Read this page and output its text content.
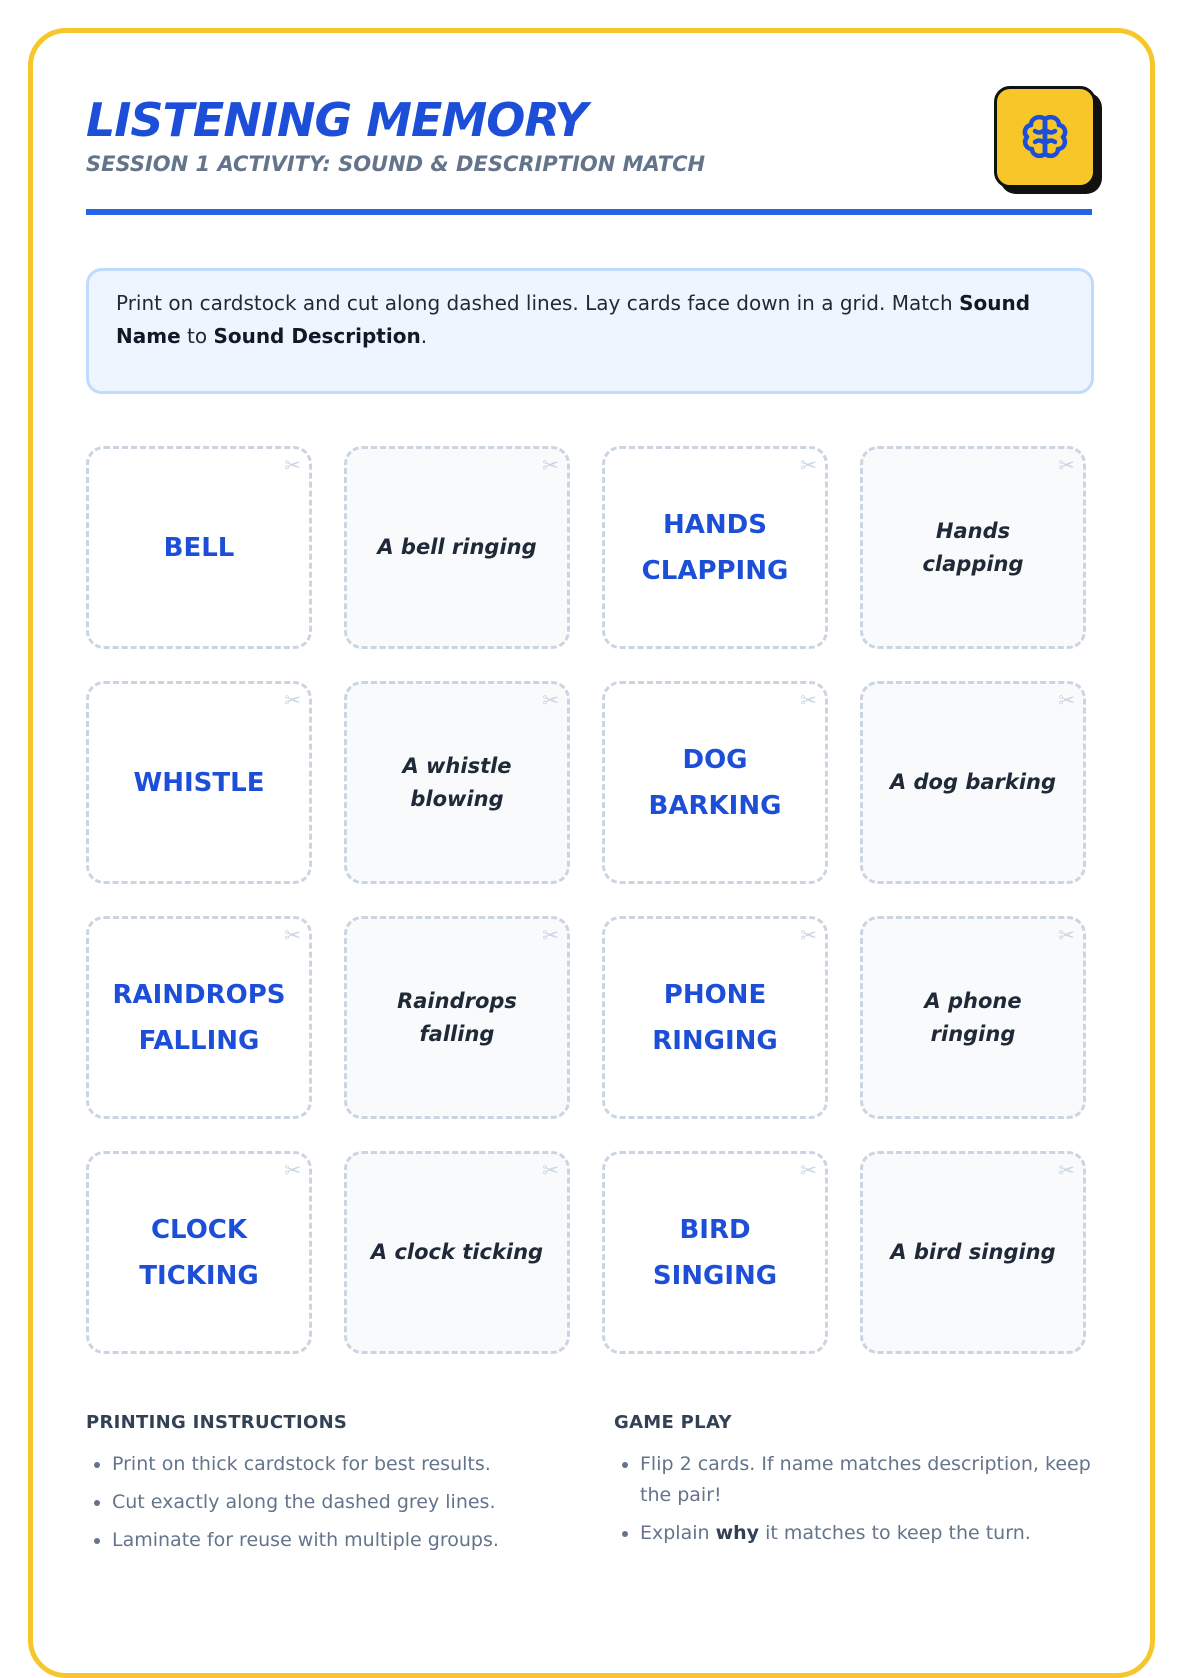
LISTENING MEMORY

SESSION 1 ACTIVITY: SOUND & DESCRIPTION MATCH

Print on cardstock and cut along dashed lines. Lay cards face down in a grid. Match Sound Name to Sound Description.
✂
BELL
✂
A bell ringing
✂
HANDS CLAPPING
✂
Hands clapping
✂
WHISTLE
✂
A whistle blowing
✂
DOG BARKING
✂
A dog barking
✂
RAINDROPS FALLING
✂
Raindrops falling
✂
PHONE RINGING
✂
A phone ringing
✂
CLOCK TICKING
✂
A clock ticking
✂
BIRD SINGING
✂
A bird singing
PRINTING INSTRUCTIONS
• Print on thick cardstock for best results.
• Cut exactly along the dashed grey lines.
• Laminate for reuse with multiple groups.
GAME PLAY
• Flip 2 cards. If name matches description, keep the pair!
• Explain why it matches to keep the turn.
